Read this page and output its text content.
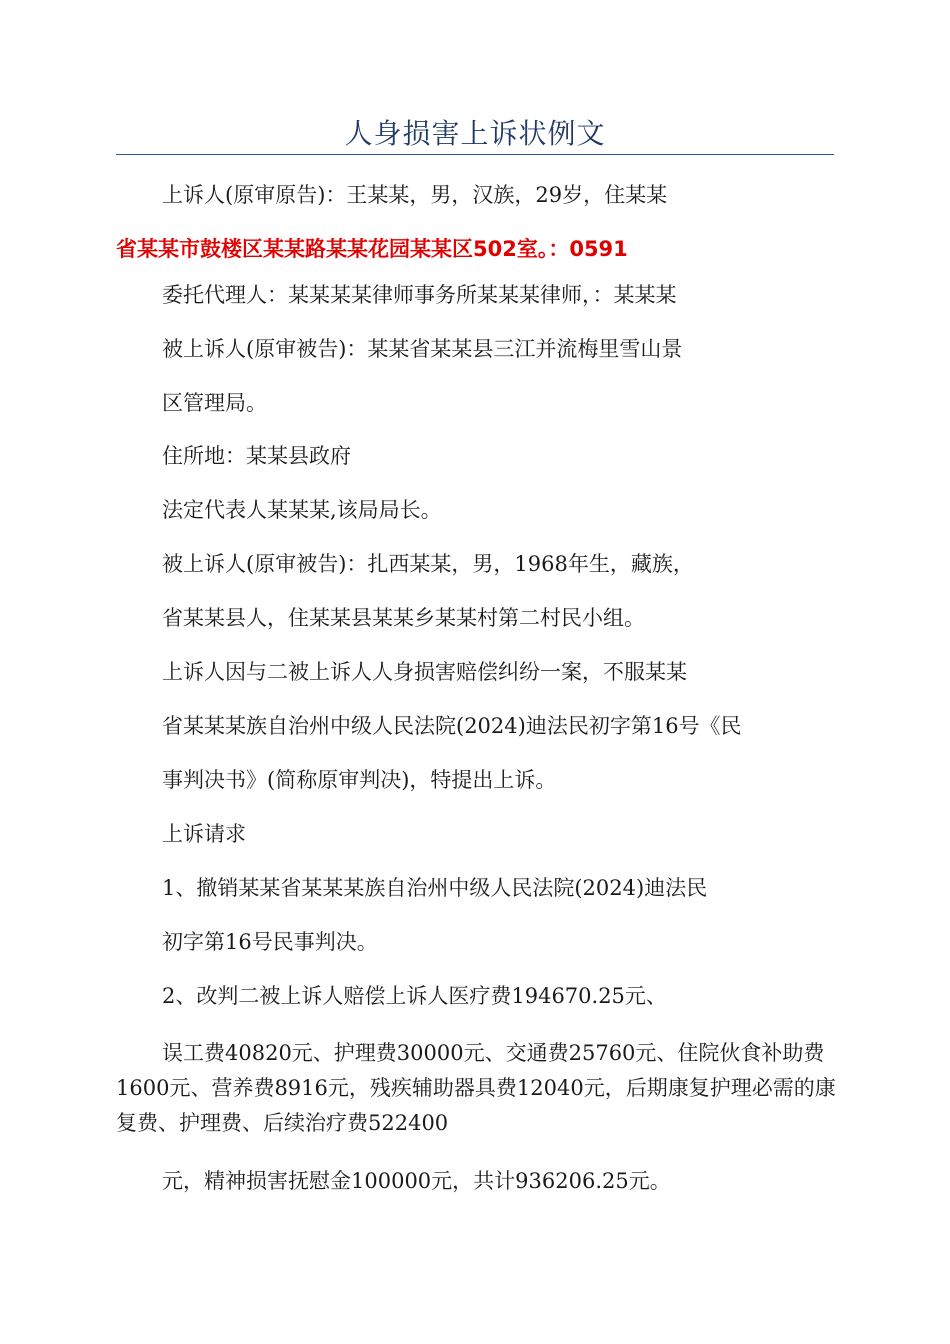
人身损害上诉状例文
上诉人(原审原告)：王某某，男，汉族，29岁，住某某
省某某市鼓楼区某某路某某花园某某区502室。：0591
委托代理人：某某某某律师事务所某某某律师，：某某某
被上诉人(原审被告)：某某省某某县三江并流梅里雪山景
区管理局。
住所地：某某县政府
法定代表人某某某,该局局长。
被上诉人(原审被告)：扎西某某，男，1968年生，藏族，
省某某县人，住某某县某某乡某某村第二村民小组。
上诉人因与二被上诉人人身损害赔偿纠纷一案，不服某某
省某某某族自治州中级人民法院(2024)迪法民初字第16号《民
事判决书》(简称原审判决)，特提出上诉。
上诉请求
1、撤销某某省某某某族自治州中级人民法院(2024)迪法民
初字第16号民事判决。
2、改判二被上诉人赔偿上诉人医疗费194670.25元、
误工费40820元、护理费30000元、交通费25760元、住院伙食补助费1600元、营养费8916元，残疾辅助器具费12040元，后期康复护理必需的康复费、护理费、后续治疗费522400
元，精神损害抚慰金100000元，共计936206.25元。
